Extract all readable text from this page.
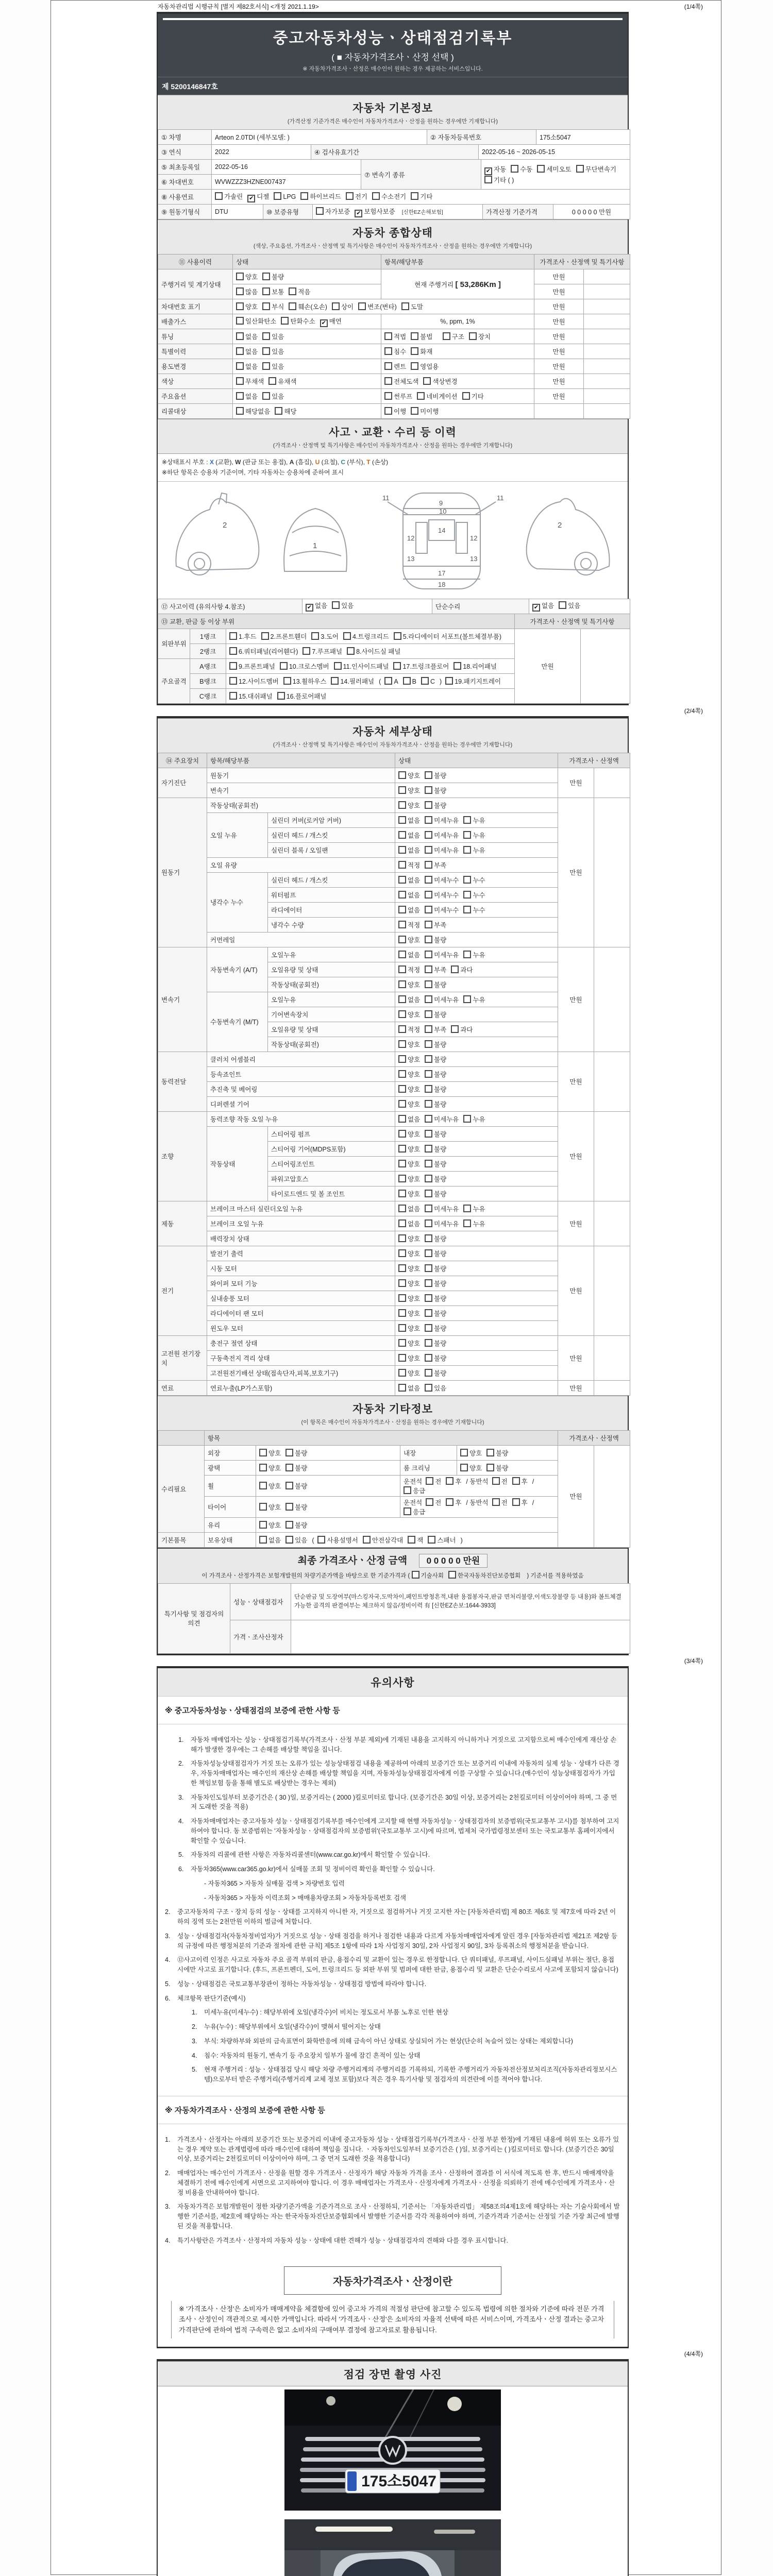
자동차관리법 시행규칙 [별지 제82호서식] <개정 2021.1.19>	(1/4쪽)
중고자동차성능ㆍ상태점검기록부
( ■ 자동차가격조사ㆍ산정 선택 )
※ 자동차가격조사ㆍ산정은 매수인이 원하는 경우 제공하는 서비스입니다.
제 5200146847호
자동차 기본정보
(가격산정 기준가격은 매수인이 자동차가격조사ㆍ산정을 원하는 경우에만 기재합니다)
① 차명	Arteon 2.0TDI (세부모델: )	② 자동차등록번호	175소5047
③ 연식	2022	④ 검사유효기간	2022-05-16 ~ 2026-05-15
⑤ 최초등록일	2022-05-16	⑦ 변속기 종류	✔ 자동 수동 세미오토 무단변속기기타 ( )
⑥ 차대번호	WVWZZZ3HZNE007437		
⑧ 사용연료	가솔린 ✔ 디젤 LPG 하이브리드 전기 수소전기 기타
⑨ 원동기형식	DTU	⑩ 보증유형	자가보증 ✔ 보험사보증 [신한EZ손해보험]	가격산정 기준가격	0 0 0 0 0 만원
자동차 종합상태
(색상, 주요옵션, 가격조사ㆍ산정액 및 특기사항은 매수인이 자동차가격조사ㆍ산정을 원하는 경우에만 기재합니다)
⑪ 사용이력	상태	항목/해당부품	가격조사ㆍ산정액 및 특기사항	
주행거리 및 계기상태	양호 불량	현재 주행거리 [ 53,286Km ]	만원	
	많음 보통 적음		만원	
차대번호 표기	양호 부식 훼손(오손) 상이 변조(변타) 도말		만원	
배출가스	일산화탄소 탄화수소 ✔ 매연	%, ppm, 1%	만원	
튜닝	없음 있음	적법 불법 구조 장치	만원	
특별이력	없음 있음	침수 화재	만원	
용도변경	없음 있음	렌트 영업용	만원	
색상	무채색 유채색	전체도색 색상변경	만원	
주요옵션	없음 있음	썬루프 네비게이션 기타	만원	
리콜대상	해당없음 해당	이행 미이행		
사고ㆍ교환ㆍ수리 등 이력
(가격조사ㆍ산정액 및 특기사항은 매수인이 자동차가격조사ㆍ산정을 원하는 경우에만 기재합니다)
※상태표시 부호 : X (교환), W (판금 또는 용접), A (흠집), U (요철), C (부식), T (손상)
※하단 항목은 승용차 기준이며, 기타 자동차는 승용차에 준하여 표시
2
1
9
10
11	11
12	12
13	13
14
17
18
2
⑫ 사고이력 (유의사항 4.참조)	✔ 없음 있음	단순수리	✔ 없음 있음
⑬ 교환, 판금 등 이상 부위	가격조사ㆍ산정액 및 특기사항
외판부위	1랭크	1.후드 2.프론트휀더 3.도어 4.트렁크리드 5.라디에이터 서포트(볼트체결부품)	만원	
	2랭크	6.쿼터패널(리어휀다) 7.루프패널 8.사이드실 패널		
주요골격	A랭크	9.프론트패널 10.크로스멤버 11.인사이드패널 17.트렁크플로어 18.리어패널		
	B랭크	12.사이드멤버 13.휠하우스 14.필러패널 ( A B C ) 19.패키지트레이		
	C랭크	15.대쉬패널 16.플로어패널		
(2/4쪽)
자동차 세부상태
(가격조사ㆍ산정액 및 특기사항은 매수인이 자동차가격조사ㆍ산정을 원하는 경우에만 기재합니다)
⑭ 주요장치	항목/해당부품		상태	가격조사ㆍ산정액	
자기진단	원동기		양호 불량	만원	
	변속기		양호 불량		
원동기	작동상태(공회전)		양호 불량	만원	
	오일 누유	실린더 커버(로커암 커버)	없음 미세누유 누유		
		실린더 헤드 / 개스킷	없음 미세누유 누유		
		실린더 블록 / 오일팬	없음 미세누유 누유		
	오일 유량		적정 부족		
	냉각수 누수	실린더 헤드 / 개스킷	없음 미세누수 누수		
		워터펌프	없음 미세누수 누수		
		라디에이터	없음 미세누수 누수		
		냉각수 수량	적정 부족		
	커먼레일		양호 불량		
변속기	자동변속기 (A/T)	오일누유	없음 미세누유 누유	만원	
		오일유량 및 상태	적정 부족 과다		
		작동상태(공회전)	양호 불량		
	수동변속기 (M/T)	오일누유	없음 미세누유 누유		
		기어변속장치	양호 불량		
		오일유량 및 상태	적정 부족 과다		
		작동상태(공회전)	양호 불량		
동력전달	클러치 어셈블리		양호 불량	만원	
	등속죠인트		양호 불량		
	추진축 및 베어링		양호 불량		
	디퍼렌셜 기어		양호 불량		
조향	동력조향 작동 오일 누유		없음 미세누유 누유	만원	
	작동상태	스티어링 펌프	양호 불량		
		스티어링 기어(MDPS포함)	양호 불량		
		스티어링조인트	양호 불량		
		파워고압호스	양호 불량		
		타이로드엔드 및 볼 조인트	양호 불량		
제동	브레이크 마스터 실린더오일 누유		없음 미세누유 누유	만원	
	브레이크 오일 누유		없음 미세누유 누유		
	배력장치 상태		양호 불량		
전기	발전기 출력		양호 불량	만원	
	시동 모터		양호 불량		
	와이퍼 모터 기능		양호 불량		
	실내송풍 모터		양호 불량		
	라디에이터 팬 모터		양호 불량		
	윈도우 모터		양호 불량		
고전원 전기장치	충전구 절연 상태		양호 불량	만원	
	구동축전지 격리 상태		양호 불량		
	고전원전기배선 상태(접속단자,피복,보호기구)		양호 불량		
연료	연료누출(LP가스포함)		없음 있음	만원	
자동차 기타정보
(이 항목은 매수인이 자동차가격조사ㆍ산정을 원하는 경우에만 기재합니다)
	항목				가격조사ㆍ산정액	
수리필요	외장	양호 불량	내장	양호 불량	만원	
	광택	양호 불량	룸 크리닝	양호 불량		
	휠	양호 불량	운전석 전 후 / 동반석 전 후 /응급			
	타이어	양호 불량	운전석 전 후 / 동반석 전 후 /응급			
	유리	양호 불량				
기본품목	보유상태	없음 있음 ( 사용설명서 안전삼각대 잭 스패너 )				
최종 가격조사ㆍ산정 금액 0 0 0 0 0 만원
이 가격조사ㆍ산정가격은 보험개발원의 차량기준가액을 바탕으로 한 기준가격과 ( 기술사회 한국자동차진단보증협회 ) 기준서를 적용하였음
특기사항 및 점검자의 의견	성능ㆍ상태점검자	단순판금 및 도장여부(마스킹자국,도막차이,페인트방청흔적,내판 용접봉자국,판금 면처리불량,이색도장불량 등 내용)와 볼트체결 가능한 골격의 판결여부는 체크하지 않음/정비이력 有 [신한EZ손보:1644-3933]
	가격ㆍ조사산정자	
(3/4쪽)
유의사항
※ 중고자동차성능ㆍ상태점검의 보증에 관한 사항 등
1.	자동차 매매업자는 성능ㆍ상태점검기록부(가격조사ㆍ산정 부분 제외)에 기재된 내용을 고지하지 아니하거나 거짓으로 고지함으로써 매수인에게 재산상 손해가 발생한 경우에는 그 손해를 배상할 책임을 집니다.
2.	자동차성능상태점검자가 거짓 또는 오류가 있는 성능상태점검 내용을 제공하여 아래의 보증기간 또는 보증거리 이내에 자동차의 실제 성능ㆍ상태가 다른 경우, 자동차매매업자는 매수인의 재산상 손해를 배상할 책임을 지며, 자동차성능상태점검자에게 이를 구상할 수 있습니다.(매수인이 성능상태점검자가 가입한 책임보험 등을 통해 별도로 배상받는 경우는 제외)
3.	자동차인도일부터 보증기간은 ( 30 )일, 보증거리는 ( 2000 )킬로미터로 합니다. (보증기간은 30일 이상, 보증거리는 2천킬로미터 이상이어야 하며, 그 중 먼저 도래한 것을 적용)
4.	자동차매매업자는 중고자동차 성능ㆍ상태점검기록부를 매수인에게 고지할 때 현행 자동차성능ㆍ상태점검자의 보증범위(국토교통부 고시)를 첨부하여 고지하여야 합니다. 동 보증범위는 '자동차성능ㆍ상태점검자의 보증범위'(국토교통부 고시)에 따르며, 법제처 국가법령정보센터 또는 국토교통부 홈페이지에서 확인할 수 있습니다.
5.	자동차의 리콜에 관한 사항은 자동차리콜센터(www.car.go.kr)에서 확인할 수 있습니다.
6.	자동차365(www.car365.go.kr)에서 실매물 조회 및 정비이력 확인을 확인할 수 있습니다.
- 자동차365 > 자동차 실매물 검색 > 차량번호 입력
- 자동차365 > 자동차 이력조회 > 매매용차량조회 > 자동차등록번호 검색
2.	중고자동차의 구조ㆍ장치 등의 성능ㆍ상태를 고지하지 아니한 자, 거짓으로 점검하거나 거짓 고지한 자는 [자동차관리법] 제 80조 제6호 및 제7호에 따라 2년 이하의 징역 또는 2천만원 이하의 벌금에 처합니다.
3.	성능ㆍ상태점검자(자동차정비업자)가 거짓으로 성능ㆍ상태 점검을 하거나 점검한 내용과 다르게 자동차매매업자에게 알린 경우 [자동차관리법 제21조 제2항 등의 규정에 따른 행정처분의 기준과 절차에 관한 규칙] 제5조 1항에 따라 1차 사업정지 30일, 2차 사업정지 90일, 3차 등록취소의 행정처분을 받습니다.
4.	⑫사고이력 인정은 사고로 자동차 주요 골격 부위의 판금, 용접수리 및 교환이 있는 경우로 한정합니다. 단 쿼터패널, 루프패널, 사이드실패널 부위는 절단, 용접 시에만 사고로 표기합니다. (후드, 프론트펜더, 도어, 트렁크리드 등 외판 부위 및 범퍼에 대한 판금, 용접수리 및 교환은 단순수리로서 사고에 포함되지 않습니다)
5.	성능ㆍ상태점검은 국토교통부장관이 정하는 자동차성능ㆍ상태점검 방법에 따라야 합니다.
6.	체크항목 판단기준(예시)
1.	미세누유(미세누수) : 해당부위에 오일(냉각수)이 비치는 정도로서 부품 노후로 인한 현상
2.	누유(누수) : 해당부위에서 오일(냉각수)이 맺혀서 떨어지는 상태
3.	부식: 차량하부와 외판의 금속표면이 화학반응에 의해 금속이 아닌 상태로 상실되어 가는 현상(단순히 녹슬어 있는 상태는 제외합니다)
4.	침수: 자동차의 원동기, 변속기 등 주요장치 일부가 물에 잠긴 흔적이 있는 상태
5.	현재 주행거리 : 성능ㆍ상태점검 당시 해당 차량 주행거리계의 주행거리를 기록하되, 기록한 주행거리가 자동차전산정보처리조직(자동차관리정보시스템)으로부터 받은 주행거리(주행거리계 교체 정보 포함)보다 적은 경우 특기사항 및 점검자의 의견란에 이를 적어야 합니다.
※ 자동차가격조사ㆍ산정의 보증에 관한 사항 등
1.	가격조사ㆍ산정자는 아래의 보증기간 또는 보증거리 이내에 중고자동차 성능ㆍ상태점검기록부(가격조사ㆍ산정 부분 한정)에 기재된 내용에 허위 또는 오류가 있는 경우 계약 또는 관계법령에 따라 매수인에 대하여 책임을 집니다. ㆍ자동차인도일부터 보증기간은 ( )일, 보증거리는 ( )킬로미터로 합니다. (보증기간은 30일 이상, 보증거리는 2천킬로미터 이상이어야 하며, 그 중 먼저 도래한 것을 적용합니다)
2.	매매업자는 매수인이 가격조사ㆍ산정을 원할 경우 가격조사ㆍ산정자가 해당 자동차 가격을 조사ㆍ산정하여 결과를 이 서식에 적도록 한 후, 반드시 매매계약을 체결하기 전에 매수인에게 서면으로 고지하여야 합니다. 이 경우 매매업자는 가격조사ㆍ산정자에게 가격조사ㆍ산정을 의뢰하기 전에 매수인에게 가격조사ㆍ산정 비용을 안내하여야 합니다.
3.	자동차가격은 보험개발원이 정한 차량기준가액을 기준가격으로 조사ㆍ산정하되, 기준서는 「자동차관리법」 제58조의4제1호에 해당하는 자는 기술사회에서 발행한 기준서를, 제2호에 해당하는 자는 한국자동차진단보증협회에서 발행한 기준서를 각각 적용하여야 하며, 기준가격과 기준서는 산정일 기준 가장 최근에 발행된 것을 적용합니다.
4.	특기사항란은 가격조사ㆍ산정자의 자동차 성능ㆍ상태에 대한 견해가 성능ㆍ상태점검자의 견해와 다를 경우 표시합니다.
자동차가격조사ㆍ산정이란
※ '가격조사ㆍ산정'은 소비자가 매매계약을 체결함에 있어 중고차 가격의 적절성 판단에 참고할 수 있도록 법령에 의한 절차와 기준에 따라 전문 가격조사ㆍ산정인이 객관적으로 제시한 가액입니다. 따라서 '가격조사ㆍ산정'은 소비자의 자율적 선택에 따른 서비스이며, 가격조사ㆍ산정 결과는 중고차 가격판단에 관하여 법적 구속력은 없고 소비자의 구매여부 결정에 참고자료로 활용됩니다.
(4/4쪽)
점검 장면 촬영 사진
175소5047
